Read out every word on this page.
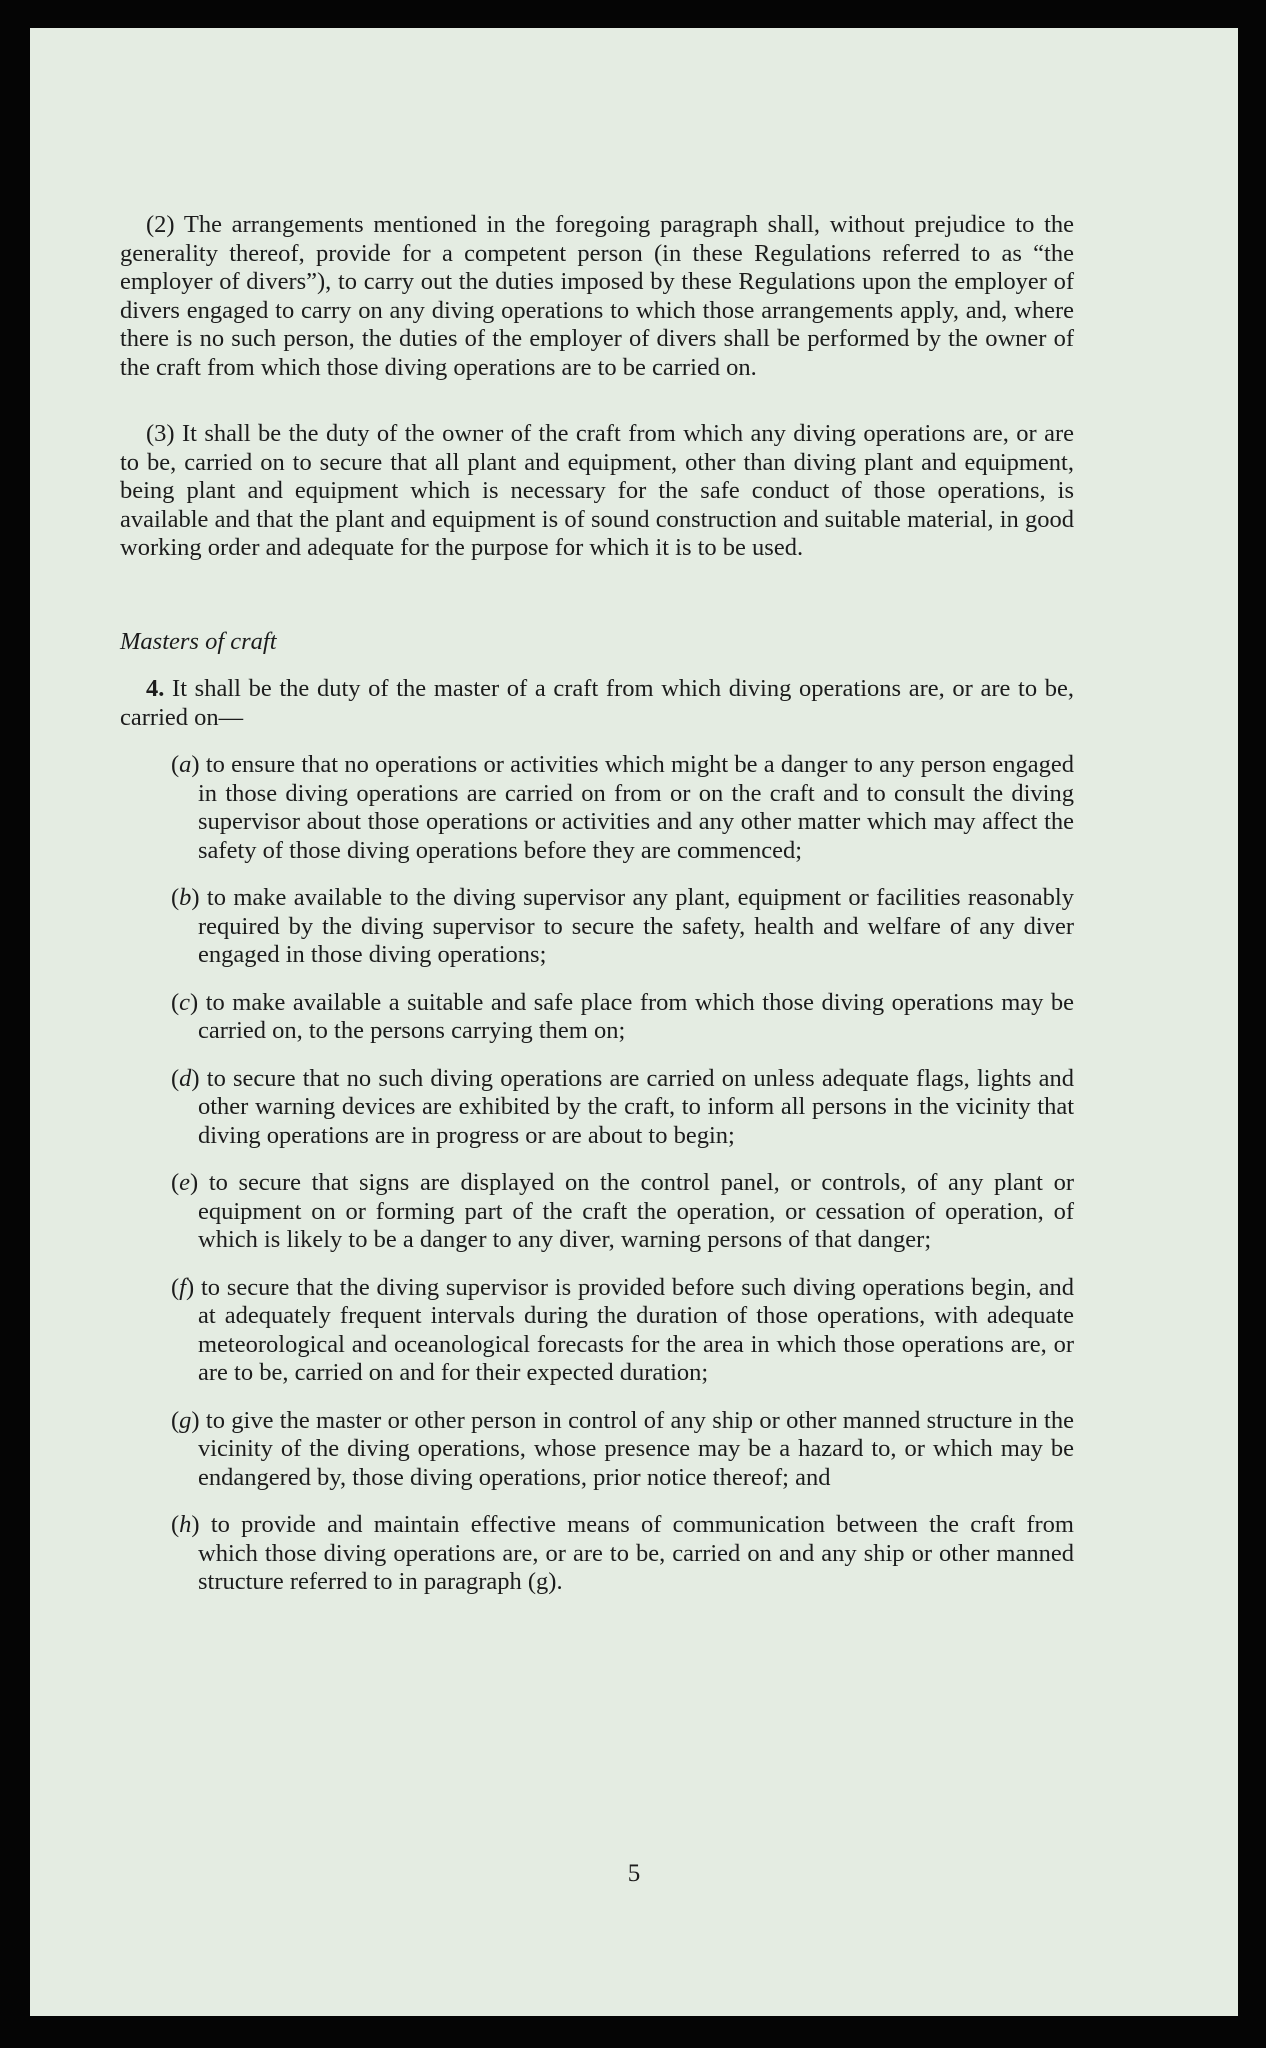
(2) The arrangements mentioned in the foregoing paragraph shall, without prejudice to the generality thereof, provide for a competent person (in these Regulations referred to as “the employer of divers”), to carry out the duties imposed by these Regulations upon the employer of divers engaged to carry on any diving operations to which those arrangements apply, and, where there is no such person, the duties of the employer of divers shall be performed by the owner of the craft from which those diving operations are to be carried on.

(3) It shall be the duty of the owner of the craft from which any diving operations are, or are to be, carried on to secure that all plant and equipment, other than diving plant and equipment, being plant and equipment which is necessary for the safe conduct of those operations, is available and that the plant and equipment is of sound construction and suitable material, in good working order and adequate for the purpose for which it is to be used.

Masters of craft

4. It shall be the duty of the master of a craft from which diving operations are, or are to be, carried on—

(a) to ensure that no operations or activities which might be a danger to any person engaged in those diving operations are carried on from or on the craft and to consult the diving supervisor about those operations or activities and any other matter which may affect the safety of those diving operations before they are commenced;

(b) to make available to the diving supervisor any plant, equipment or facilities reasonably required by the diving supervisor to secure the safety, health and welfare of any diver engaged in those diving operations;

(c) to make available a suitable and safe place from which those diving operations may be carried on, to the persons carrying them on;

(d) to secure that no such diving operations are carried on unless adequate flags, lights and other warning devices are exhibited by the craft, to inform all persons in the vicinity that diving operations are in progress or are about to begin;

(e) to secure that signs are displayed on the control panel, or controls, of any plant or equipment on or forming part of the craft the operation, or cessation of operation, of which is likely to be a danger to any diver, warning persons of that danger;

(f) to secure that the diving supervisor is provided before such diving operations begin, and at adequately frequent intervals during the duration of those operations, with adequate meteorological and oceanological forecasts for the area in which those operations are, or are to be, carried on and for their expected duration;

(g) to give the master or other person in control of any ship or other manned structure in the vicinity of the diving operations, whose presence may be a hazard to, or which may be endangered by, those diving operations, prior notice thereof; and

(h) to provide and maintain effective means of communication between the craft from which those diving operations are, or are to be, carried on and any ship or other manned structure referred to in paragraph (g).

5
